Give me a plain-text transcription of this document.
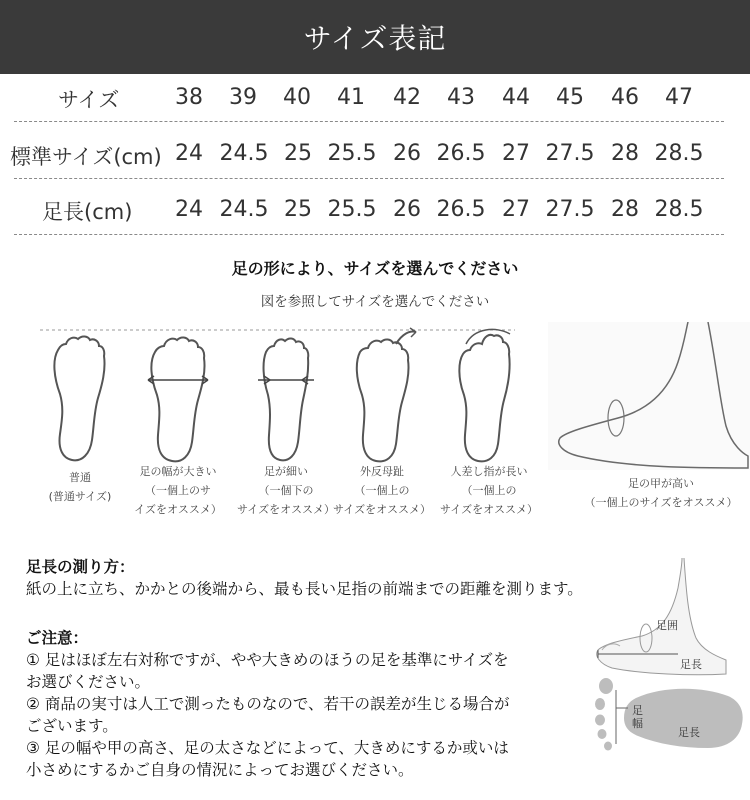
サイズ表記
サイズ	38	39	40	41	42	43	44	45	46	47
標準サイズ(cm) 24 24.5 25 25.5 26 26.5 27 27.5 28 28.5
足長(cm)	24 24.5 25 25.5 26 26.5 27 27.5 28 28.5
足の形により、サイズを選んでください
図を参照してサイズを選んでください
普通
(普通サイズ)
足の幅が大きい
（一個上のサ
イズをオススメ）
足が細い
（一個下の
サイズをオススメ）
外反母趾
（一個上の
サイズをオススメ）
人差し指が長い
（一個上の
サイズをオススメ）
足の甲が高い
（一個上のサイズをオススメ）
足長の測り方：
紙の上に立ち、かかとの後端から、最も長い足指の前端までの距離を測ります。
ご注意：
① 足はほぼ左右対称ですが、やや大きめのほうの足を基準にサイズを
お選びください。
② 商品の実寸は人工で測ったものなので、若干の誤差が生じる場合が
ございます。
③ 足の幅や甲の高さ、足の太さなどによって、大きめにするか或いは
小さめにするかご自身の情況によってお選びください。
足囲
足長
足幅
足長
